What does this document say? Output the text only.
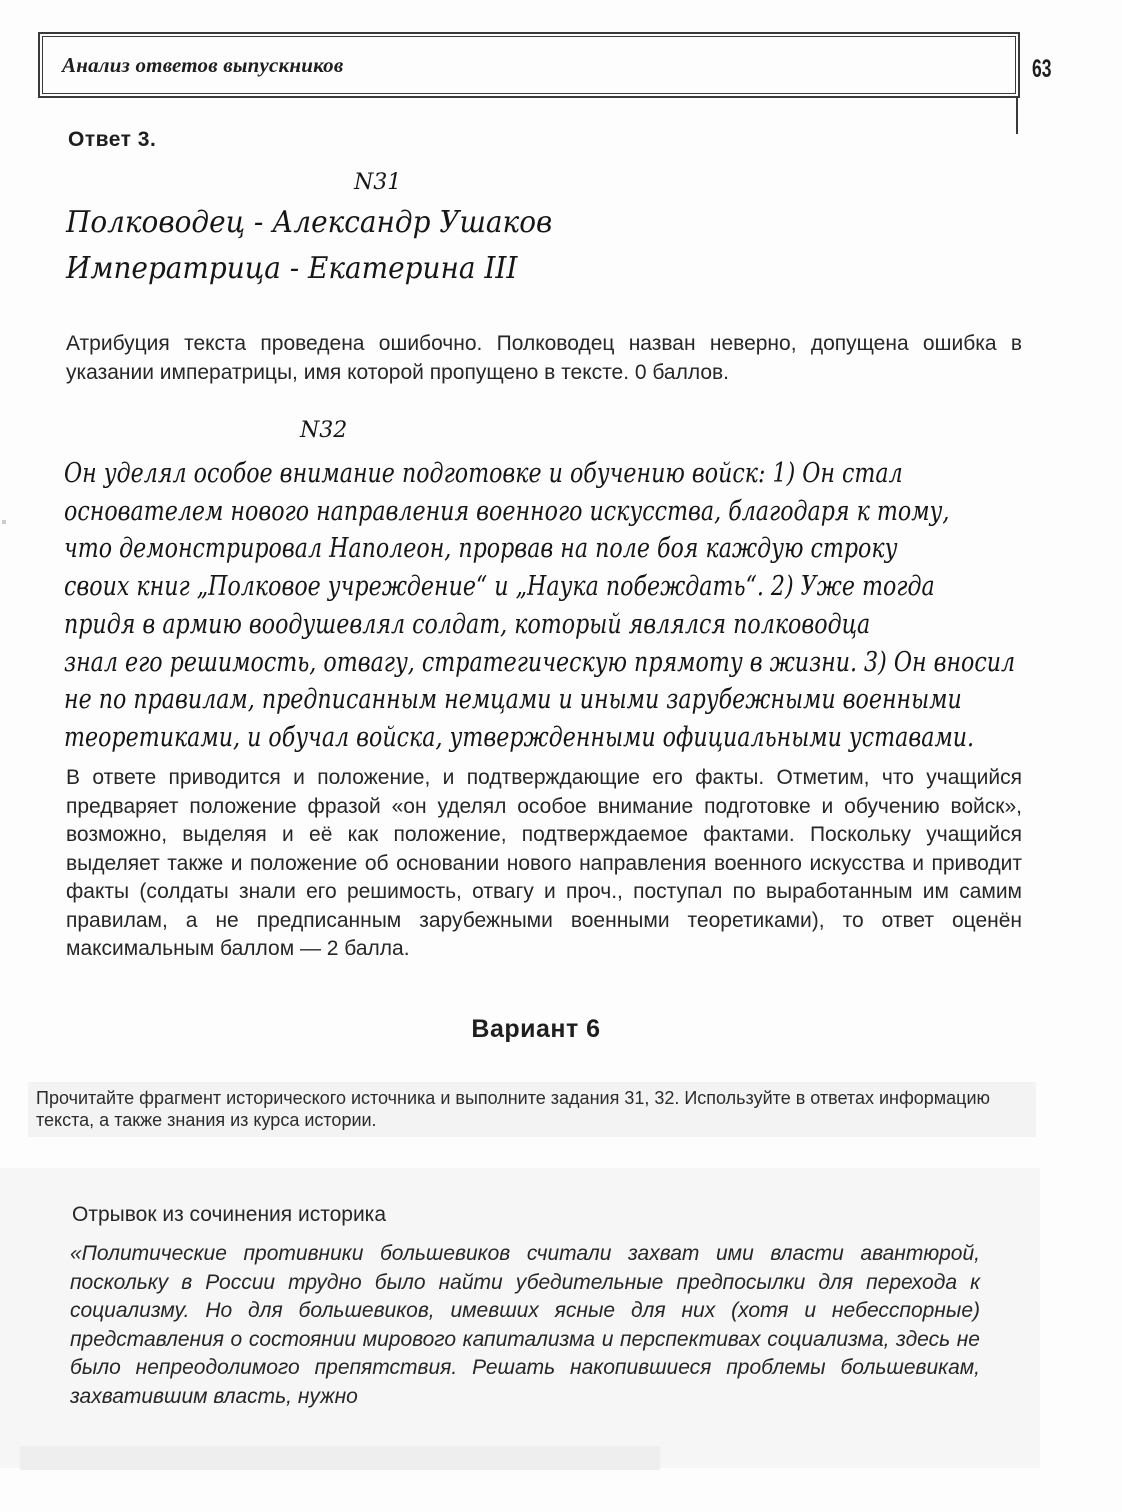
Анализ ответов выпускников	63
Ответ 3.
N31
Полководец - Александр Ушаков
Императрица - Екатерина III
Атрибуция текста проведена ошибочно. Полководец назван неверно, допущена ошибка в указании императрицы, имя которой пропущено в тексте. 0 баллов.
N32
Он уделял особое внимание подготовке и обучению войск: 1) Он стал
основателем нового направления военного искусства, благодаря к тому,
что демонстрировал Наполеон, прорвав на поле боя каждую строку
своих книг „Полковое учреждение“ и „Наука побеждать“. 2) Уже тогда
придя в армию воодушевлял солдат, который являлся полководца
знал его решимость, отвагу, стратегическую прямоту в жизни. 3) Он вносил
не по правилам, предписанным немцами и иными зарубежными военными
теоретиками, и обучал войска, утвержденными официальными уставами.
В ответе приводится и положение, и подтверждающие его факты. Отметим, что учащийся предваряет положение фразой «он уделял особое внимание подготовке и обучению войск», возможно, выделяя и её как положение, подтверждаемое фактами. Поскольку учащийся выделяет также и положение об основании нового направления военного искусства и приводит факты (солдаты знали его решимость, отвагу и проч., поступал по выработанным им самим правилам, а не предписанным зарубежными военными теоретиками), то ответ оценён максимальным баллом — 2 балла.
Вариант 6
Прочитайте фрагмент исторического источника и выполните задания 31, 32. Используйте в ответах информацию текста, а также знания из курса истории.
Отрывок из сочинения историка
«Политические противники большевиков считали захват ими власти авантюрой, поскольку в России трудно было найти убедительные предпосылки для перехода к социализму. Но для большевиков, имевших ясные для них (хотя и небесспорные) представления о состоянии мирового капитализма и перспективах социализма, здесь не было непреодолимого препятствия. Решать накопившиеся проблемы большевикам, захватившим власть, нужно
